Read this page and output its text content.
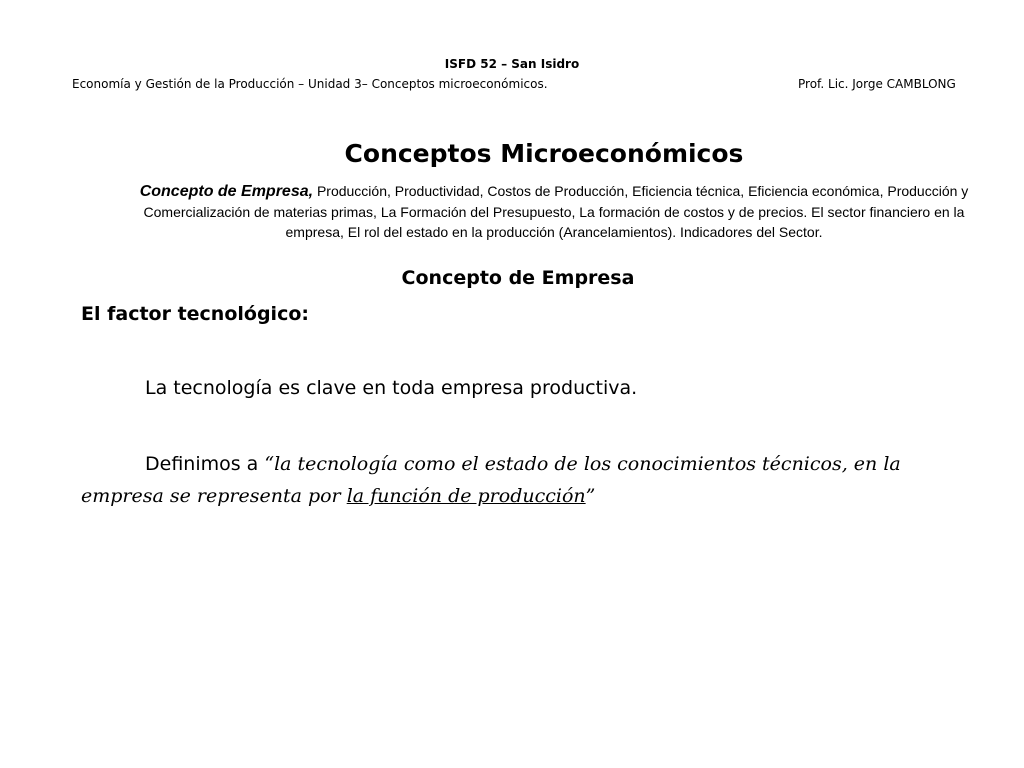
ISFD 52 – San Isidro
Economía y Gestión de la Producción – Unidad 3– Conceptos microeconómicos.	Prof. Lic. Jorge CAMBLONG
Conceptos Microeconómicos
Concepto de Empresa, Producción, Productividad, Costos de Producción, Eficiencia técnica, Eficiencia económica, Producción y Comercialización de materias primas, La Formación del Presupuesto, La formación de costos y de precios. El sector financiero en la empresa, El rol del estado en la producción (Arancelamientos). Indicadores del Sector.
Concepto de Empresa
El factor tecnológico:

La tecnología es clave en toda empresa productiva.

Definimos a “la tecnología como el estado de los conocimientos técnicos, en la empresa se representa por la función de producción”
